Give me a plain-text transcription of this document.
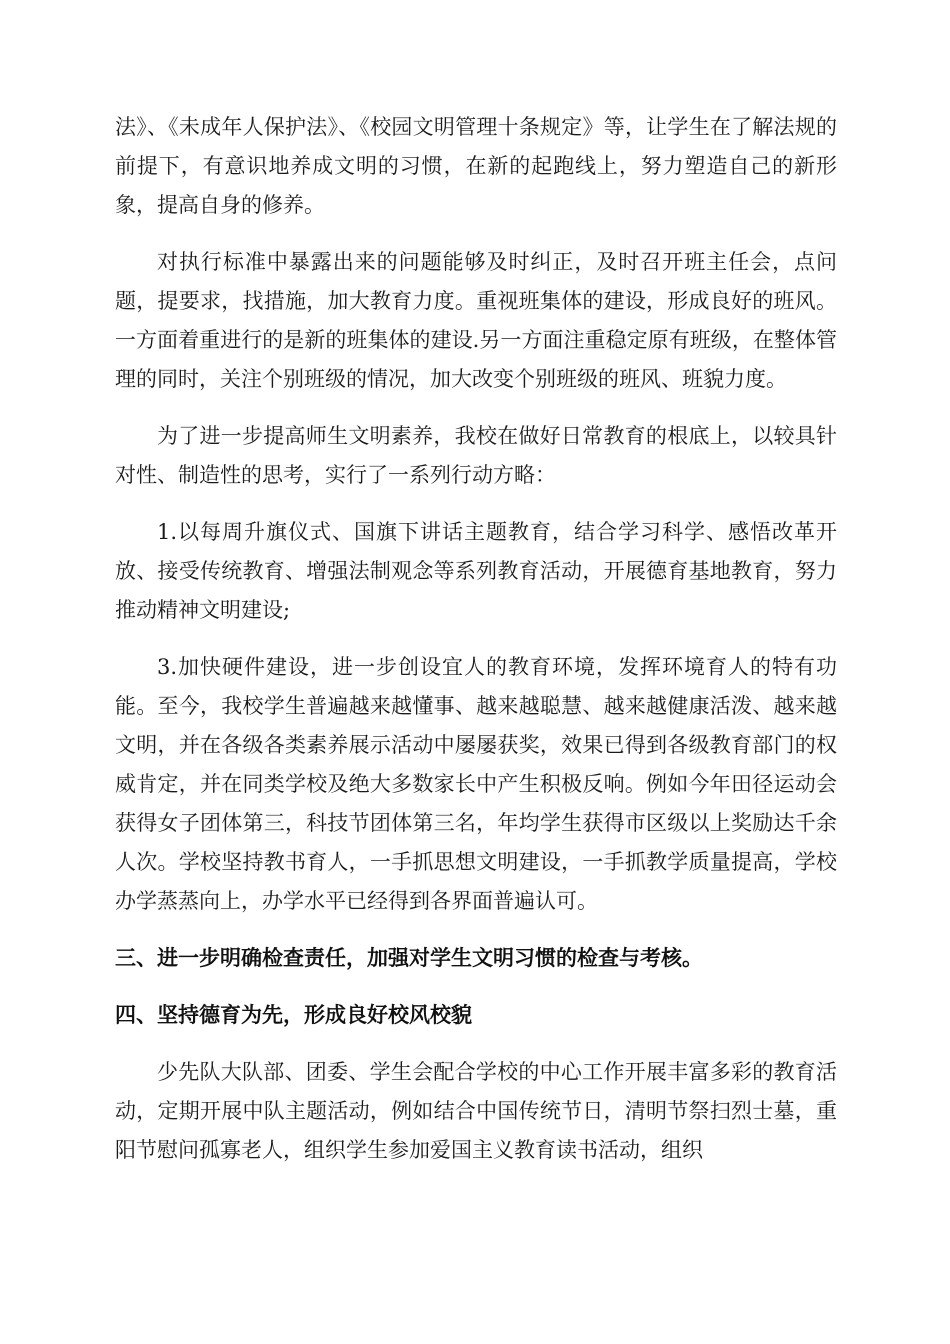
法》、《未成年人保护法》、《校园文明管理十条规定》等，让学生在了解法规的前提下，有意识地养成文明的习惯，在新的起跑线上，努力塑造自己的新形象，提高自身的修养。

对执行标准中暴露出来的问题能够及时纠正，及时召开班主任会，点问题，提要求，找措施，加大教育力度。重视班集体的建设，形成良好的班风。一方面着重进行的是新的班集体的建设.另一方面注重稳定原有班级，在整体管理的同时，关注个别班级的情况，加大改变个别班级的班风、班貌力度。

为了进一步提高师生文明素养，我校在做好日常教育的根底上，以较具针对性、制造性的思考，实行了一系列行动方略：

1.以每周升旗仪式、国旗下讲话主题教育，结合学习科学、感悟改革开放、接受传统教育、增强法制观念等系列教育活动，开展德育基地教育，努力推动精神文明建设;

3.加快硬件建设，进一步创设宜人的教育环境，发挥环境育人的特有功能。至今，我校学生普遍越来越懂事、越来越聪慧、越来越健康活泼、越来越文明，并在各级各类素养展示活动中屡屡获奖，效果已得到各级教育部门的权威肯定，并在同类学校及绝大多数家长中产生积极反响。例如今年田径运动会获得女子团体第三，科技节团体第三名，年均学生获得市区级以上奖励达千余人次。学校坚持教书育人，一手抓思想文明建设，一手抓教学质量提高，学校办学蒸蒸向上，办学水平已经得到各界面普遍认可。

三、进一步明确检查责任，加强对学生文明习惯的检查与考核。
四、坚持德育为先，形成良好校风校貌

少先队大队部、团委、学生会配合学校的中心工作开展丰富多彩的教育活动，定期开展中队主题活动，例如结合中国传统节日，清明节祭扫烈士墓，重阳节慰问孤寡老人，组织学生参加爱国主义教育读书活动，组织
